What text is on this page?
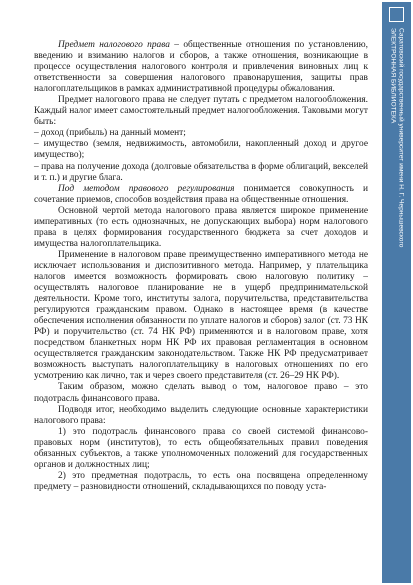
Предмет налогового права – общественные отношения по установлению, введению и взиманию налогов и сборов, а также отношения, возникающие в процессе осуществления налогового контроля и привлечения виновных лиц к ответственности за совершения налогового правонарушения, защиты прав налогоплательщиков в рамках административной процедуры обжалования.

Предмет налогового права не следует путать с предметом налогообложения. Каждый налог имеет самостоятельный предмет налогообложения. Таковыми могут быть:

– доход (прибыль) на данный момент;

– имущество (земля, недвижимость, автомобили, накопленный доход и другое имущество);

– права на получение дохода (долговые обязательства в форме облигаций, векселей и т. п.) и другие блага.

Под методом правового регулирования понимается совокупность и сочетание приемов, способов воздействия права на общественные отношения.

Основной чертой метода налогового права является широкое применение императивных (то есть однозначных, не допускающих выбора) норм налогового права в целях формирования государственного бюджета за счет доходов и имущества налогоплательщика.

Применение в налоговом праве преимущественно императивного метода не исключает использования и диспозитивного метода. Например, у плательщика налогов имеется возможность формировать свою налоговую политику – осуществлять налоговое планирование не в ущерб предпринимательской деятельности. Кроме того, институты залога, поручительства, представительства регулируются гражданским правом. Однако в настоящее время (в качестве обеспечения исполнения обязанности по уплате налогов и сборов) залог (ст. 73 НК РФ) и поручительство (ст. 74 НК РФ) применяются и в налоговом праве, хотя посредством бланкетных норм НК РФ их правовая регламентация в основном осуществляется гражданским законодательством. Также НК РФ предусматривает возможность выступать налогоплательщику в налоговых отношениях по его усмотрению как лично, так и через своего представителя (ст. 26–29 НК РФ).

Таким образом, можно сделать вывод о том, налоговое право – это подотрасль финансового права.

Подводя итог, необходимо выделить следующие основные характеристики налогового права:

1) это подотрасль финансового права со своей системой финансово-правовых норм (институтов), то есть общеобязательных правил поведения обязанных субъектов, а также уполномоченных положений для государственных органов и должностных лиц;

2) это предметная подотрасль, то есть она посвящена определенному предмету – разновидности отношений, складывающихся по поводу уста-

Саратовский государственный университет имени Н. Г. Чернышевского
ЭЛЕКТРОННАЯ БИБЛИОТЕКА
